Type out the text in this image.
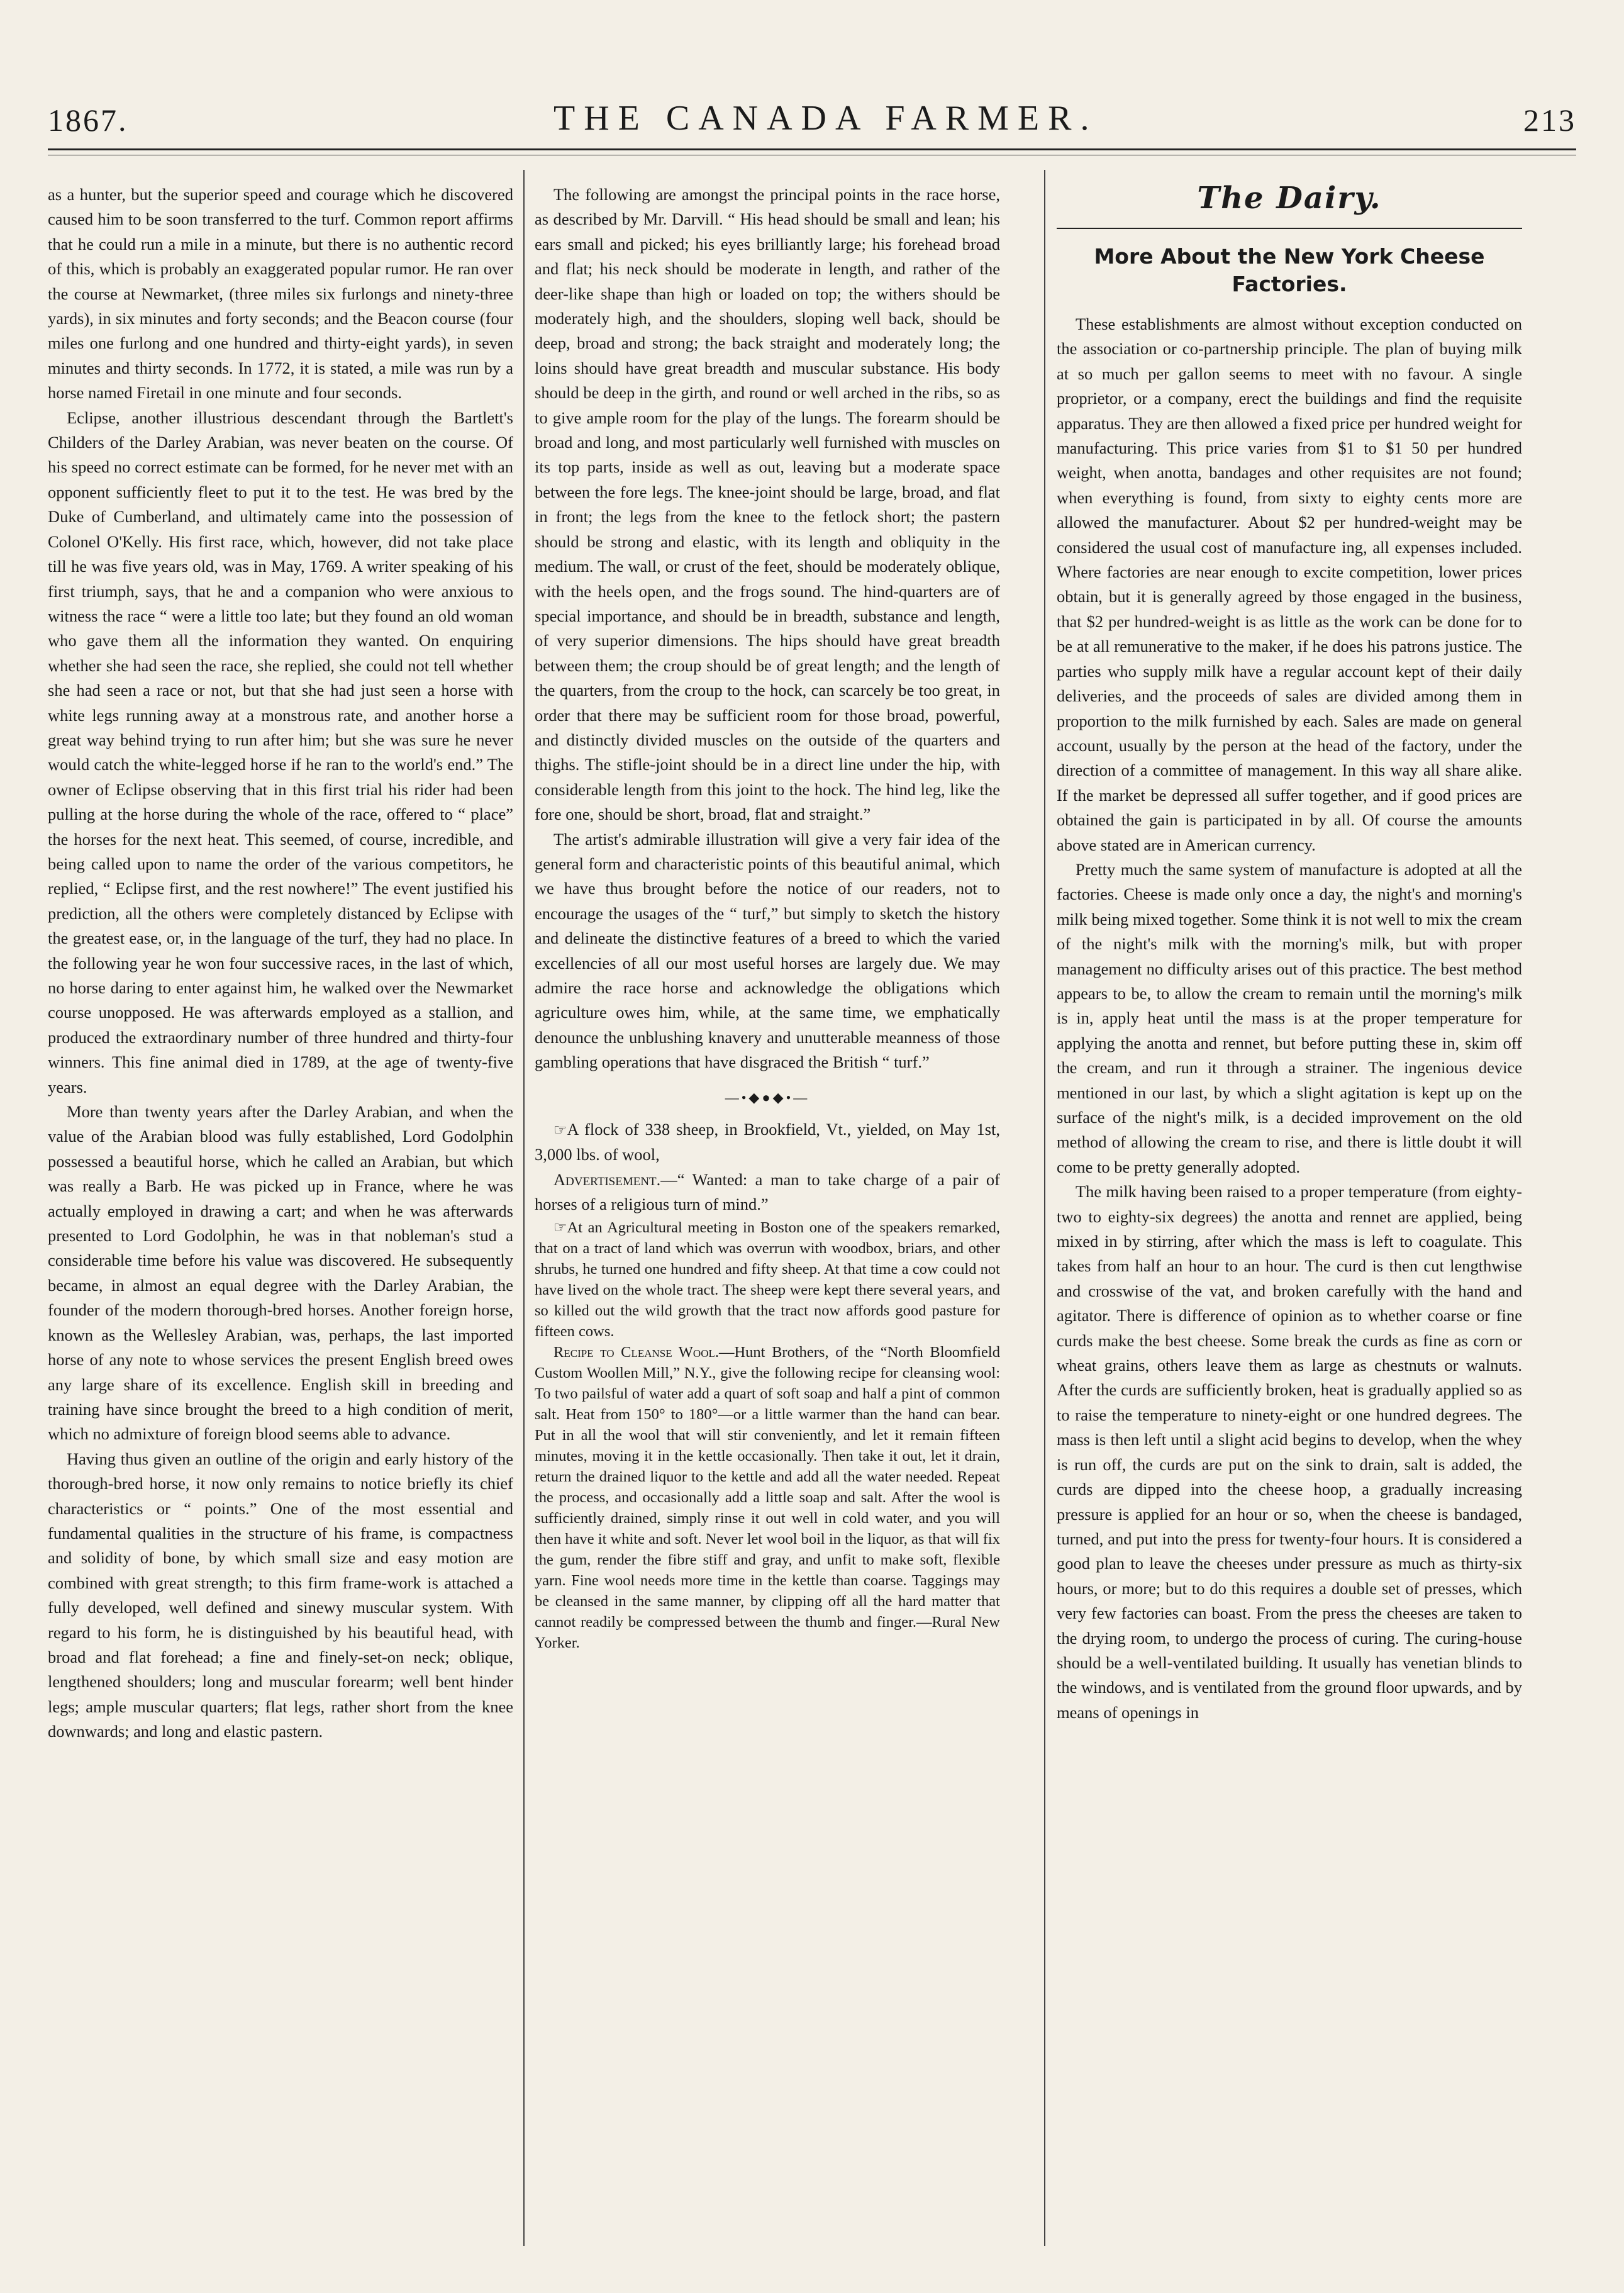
1867.	THE CANADA FARMER.	213

as a hunter, but the superior speed and courage which he discovered caused him to be soon transferred to the turf. Common report affirms that he could run a mile in a minute, but there is no authentic record of this, which is probably an exaggerated popular rumor. He ran over the course at Newmarket, (three miles six furlongs and ninety-three yards), in six minutes and forty seconds; and the Beacon course (four miles one furlong and one hundred and thirty-eight yards), in seven minutes and thirty seconds. In 1772, it is stated, a mile was run by a horse named Firetail in one minute and four seconds.

Eclipse, another illustrious descendant through the Bartlett's Childers of the Darley Arabian, was never beaten on the course. Of his speed no correct estimate can be formed, for he never met with an opponent sufficiently fleet to put it to the test. He was bred by the Duke of Cumberland, and ultimately came into the possession of Colonel O'Kelly. His first race, which, however, did not take place till he was five years old, was in May, 1769. A writer speaking of his first triumph, says, that he and a companion who were anxious to witness the race “ were a little too late; but they found an old woman who gave them all the information they wanted. On enquiring whether she had seen the race, she replied, she could not tell whether she had seen a race or not, but that she had just seen a horse with white legs running away at a monstrous rate, and another horse a great way behind trying to run after him; but she was sure he never would catch the white-legged horse if he ran to the world's end.” The owner of Eclipse observing that in this first trial his rider had been pulling at the horse during the whole of the race, offered to “ place” the horses for the next heat. This seemed, of course, incredible, and being called upon to name the order of the various competitors, he replied, “ Eclipse first, and the rest nowhere!” The event justified his prediction, all the others were completely distanced by Eclipse with the greatest ease, or, in the language of the turf, they had no place. In the following year he won four successive races, in the last of which, no horse daring to enter against him, he walked over the Newmarket course unopposed. He was afterwards employed as a stallion, and produced the extraordinary number of three hundred and thirty-four winners. This fine animal died in 1789, at the age of twenty-five years.

More than twenty years after the Darley Arabian, and when the value of the Arabian blood was fully established, Lord Godolphin possessed a beautiful horse, which he called an Arabian, but which was really a Barb. He was picked up in France, where he was actually employed in drawing a cart; and when he was afterwards presented to Lord Godolphin, he was in that nobleman's stud a considerable time before his value was discovered. He subsequently became, in almost an equal degree with the Darley Arabian, the founder of the modern thorough-bred horses. Another foreign horse, known as the Wellesley Arabian, was, perhaps, the last imported horse of any note to whose services the present English breed owes any large share of its excellence. English skill in breeding and training have since brought the breed to a high condition of merit, which no admixture of foreign blood seems able to advance.

Having thus given an outline of the origin and early history of the thorough-bred horse, it now only remains to notice briefly its chief characteristics or “ points.” One of the most essential and fundamental qualities in the structure of his frame, is compactness and solidity of bone, by which small size and easy motion are combined with great strength; to this firm frame-work is attached a fully developed, well defined and sinewy muscular system. With regard to his form, he is distinguished by his beautiful head, with broad and flat forehead; a fine and finely-set-on neck; oblique, lengthened shoulders; long and muscular forearm; well bent hinder legs; ample muscular quarters; flat legs, rather short from the knee downwards; and long and elastic pastern.

The following are amongst the principal points in the race horse, as described by Mr. Darvill. “ His head should be small and lean; his ears small and picked; his eyes brilliantly large; his forehead broad and flat; his neck should be moderate in length, and rather of the deer-like shape than high or loaded on top; the withers should be moderately high, and the shoulders, sloping well back, should be deep, broad and strong; the back straight and moderately long; the loins should have great breadth and muscular substance. His body should be deep in the girth, and round or well arched in the ribs, so as to give ample room for the play of the lungs. The forearm should be broad and long, and most particularly well furnished with muscles on its top parts, inside as well as out, leaving but a moderate space between the fore legs. The knee-joint should be large, broad, and flat in front; the legs from the knee to the fetlock short; the pastern should be strong and elastic, with its length and obliquity in the medium. The wall, or crust of the feet, should be moderately oblique, with the heels open, and the frogs sound. The hind-quarters are of special importance, and should be in breadth, substance and length, of very superior dimensions. The hips should have great breadth between them; the croup should be of great length; and the length of the quarters, from the croup to the hock, can scarcely be too great, in order that there may be sufficient room for those broad, powerful, and distinctly divided muscles on the outside of the quarters and thighs. The stifle-joint should be in a direct line under the hip, with considerable length from this joint to the hock. The hind leg, like the fore one, should be short, broad, flat and straight.”

The artist's admirable illustration will give a very fair idea of the general form and characteristic points of this beautiful animal, which we have thus brought before the notice of our readers, not to encourage the usages of the “ turf,” but simply to sketch the history and delineate the distinctive features of a breed to which the varied excellencies of all our most useful horses are largely due. We may admire the race horse and acknowledge the obligations which agriculture owes him, while, at the same time, we emphatically denounce the unblushing knavery and unutterable meanness of those gambling operations that have disgraced the British “ turf.”

—•◆●◆•—

☞A flock of 338 sheep, in Brookfield, Vt., yielded, on May 1st, 3,000 lbs. of wool,

Advertisement.—“ Wanted: a man to take charge of a pair of horses of a religious turn of mind.”

☞At an Agricultural meeting in Boston one of the speakers remarked, that on a tract of land which was overrun with woodbox, briars, and other shrubs, he turned one hundred and fifty sheep. At that time a cow could not have lived on the whole tract. The sheep were kept there several years, and so killed out the wild growth that the tract now affords good pasture for fifteen cows.

Recipe to Cleanse Wool.—Hunt Brothers, of the “North Bloomfield Custom Woollen Mill,” N.Y., give the following recipe for cleansing wool: To two pailsful of water add a quart of soft soap and half a pint of common salt. Heat from 150° to 180°—or a little warmer than the hand can bear. Put in all the wool that will stir conveniently, and let it remain fifteen minutes, moving it in the kettle occasionally. Then take it out, let it drain, return the drained liquor to the kettle and add all the water needed. Repeat the process, and occasionally add a little soap and salt. After the wool is sufficiently drained, simply rinse it out well in cold water, and you will then have it white and soft. Never let wool boil in the liquor, as that will fix the gum, render the fibre stiff and gray, and unfit to make soft, flexible yarn. Fine wool needs more time in the kettle than coarse. Taggings may be cleansed in the same manner, by clipping off all the hard matter that cannot readily be compressed between the thumb and finger.—Rural New Yorker.

The Dairy.
More About the New York Cheese Factories.

These establishments are almost without exception conducted on the association or co-partnership principle. The plan of buying milk at so much per gallon seems to meet with no favour. A single proprietor, or a company, erect the buildings and find the requisite apparatus. They are then allowed a fixed price per hundred weight for manufacturing. This price varies from $1 to $1 50 per hundred weight, when anotta, bandages and other requisites are not found; when everything is found, from sixty to eighty cents more are allowed the manufacturer. About $2 per hundred-weight may be considered the usual cost of manufacture ing, all expenses included. Where factories are near enough to excite competition, lower prices obtain, but it is generally agreed by those engaged in the business, that $2 per hundred-weight is as little as the work can be done for to be at all remunerative to the maker, if he does his patrons justice. The parties who supply milk have a regular account kept of their daily deliveries, and the proceeds of sales are divided among them in proportion to the milk furnished by each. Sales are made on general account, usually by the person at the head of the factory, under the direction of a committee of management. In this way all share alike. If the market be depressed all suffer together, and if good prices are obtained the gain is participated in by all. Of course the amounts above stated are in American currency.

Pretty much the same system of manufacture is adopted at all the factories. Cheese is made only once a day, the night's and morning's milk being mixed together. Some think it is not well to mix the cream of the night's milk with the morning's milk, but with proper management no difficulty arises out of this practice. The best method appears to be, to allow the cream to remain until the morning's milk is in, apply heat until the mass is at the proper temperature for applying the anotta and rennet, but before putting these in, skim off the cream, and run it through a strainer. The ingenious device mentioned in our last, by which a slight agitation is kept up on the surface of the night's milk, is a decided improvement on the old method of allowing the cream to rise, and there is little doubt it will come to be pretty generally adopted.

The milk having been raised to a proper temperature (from eighty-two to eighty-six degrees) the anotta and rennet are applied, being mixed in by stirring, after which the mass is left to coagulate. This takes from half an hour to an hour. The curd is then cut lengthwise and crosswise of the vat, and broken carefully with the hand and agitator. There is difference of opinion as to whether coarse or fine curds make the best cheese. Some break the curds as fine as corn or wheat grains, others leave them as large as chestnuts or walnuts. After the curds are sufficiently broken, heat is gradually applied so as to raise the temperature to ninety-eight or one hundred degrees. The mass is then left until a slight acid begins to develop, when the whey is run off, the curds are put on the sink to drain, salt is added, the curds are dipped into the cheese hoop, a gradually increasing pressure is applied for an hour or so, when the cheese is bandaged, turned, and put into the press for twenty-four hours. It is considered a good plan to leave the cheeses under pressure as much as thirty-six hours, or more; but to do this requires a double set of presses, which very few factories can boast. From the press the cheeses are taken to the drying room, to undergo the process of curing. The curing-house should be a well-ventilated building. It usually has venetian blinds to the windows, and is ventilated from the ground floor upwards, and by means of openings in
